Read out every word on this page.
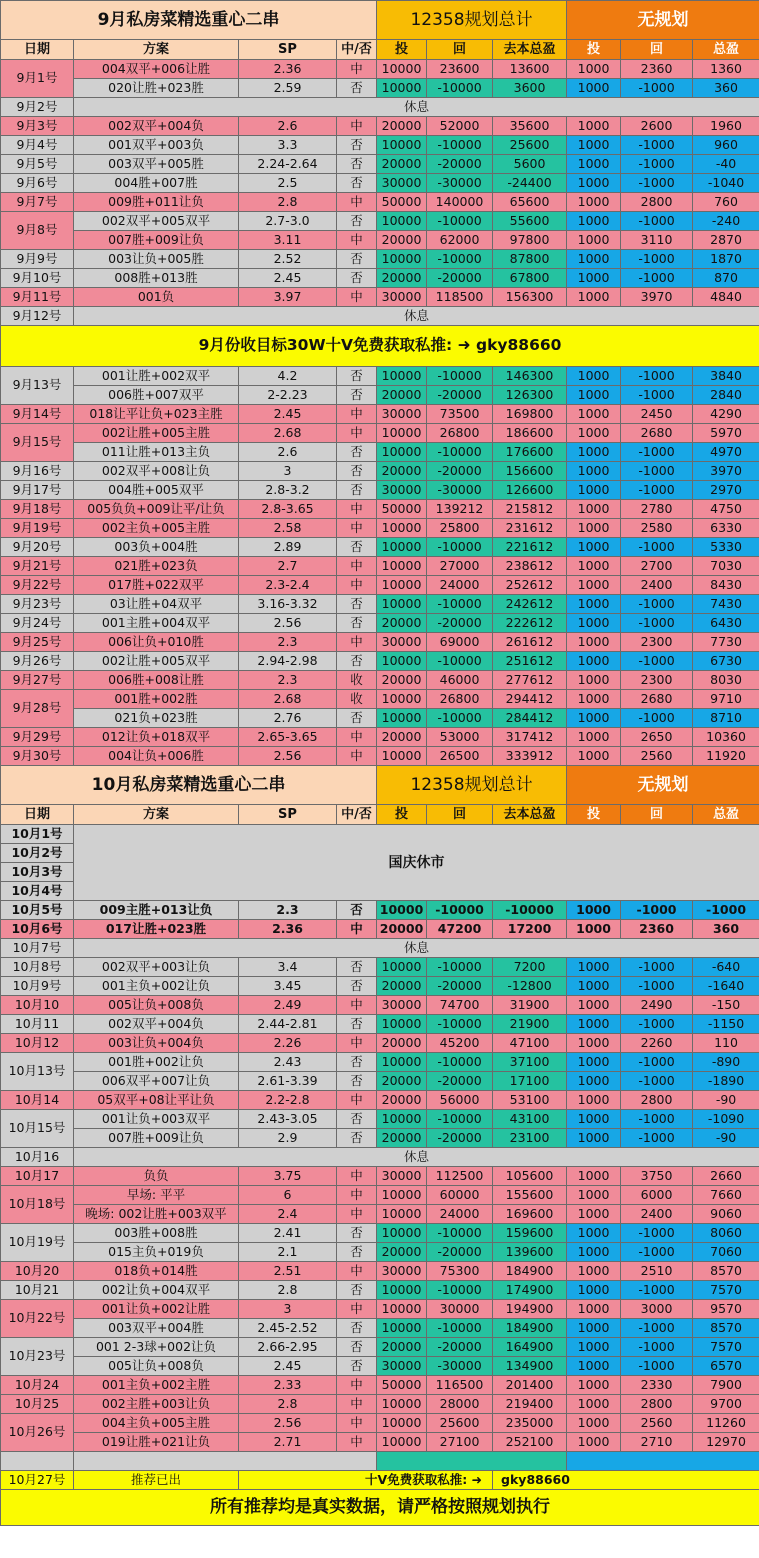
9月私房菜精选重心二串				12358规划总计			无规划		
日期	方案	SP	中/否	投	回	去本总盈	投	回	总盈
9月1号	004双平+006让胜	2.36	中	10000	23600	13600	1000	2360	1360
	020让胜+023胜	2.59	否	10000	-10000	3600	1000	-1000	360
9月2号	休息								
9月3号	002双平+004负	2.6	中	20000	52000	35600	1000	2600	1960
9月4号	001双平+003负	3.3	否	10000	-10000	25600	1000	-1000	960
9月5号	003双平+005胜	2.24-2.64	否	20000	-20000	5600	1000	-1000	-40
9月6号	004胜+007胜	2.5	否	30000	-30000	-24400	1000	-1000	-1040
9月7号	009胜+011让负	2.8	中	50000	140000	65600	1000	2800	760
9月8号	002双平+005双平	2.7-3.0	否	10000	-10000	55600	1000	-1000	-240
	007胜+009让负	3.11	中	20000	62000	97800	1000	3110	2870
9月9号	003让负+005胜	2.52	否	10000	-10000	87800	1000	-1000	1870
9月10号	008胜+013胜	2.45	否	20000	-20000	67800	1000	-1000	870
9月11号	001负	3.97	中	30000	118500	156300	1000	3970	4840
9月12号	休息								
9月份收目标30W十V免费获取私推: ➜ gky88660									
9月13号	001让胜+002双平	4.2	否	10000	-10000	146300	1000	-1000	3840
	006胜+007双平	2-2.23	否	20000	-20000	126300	1000	-1000	2840
9月14号	018让平让负+023主胜	2.45	中	30000	73500	169800	1000	2450	4290
9月15号	002让胜+005主胜	2.68	中	10000	26800	186600	1000	2680	5970
	011让胜+013主负	2.6	否	10000	-10000	176600	1000	-1000	4970
9月16号	002双平+008让负	3	否	20000	-20000	156600	1000	-1000	3970
9月17号	004胜+005双平	2.8-3.2	否	30000	-30000	126600	1000	-1000	2970
9月18号	005负负+009让平/让负	2.8-3.65	中	50000	139212	215812	1000	2780	4750
9月19号	002主负+005主胜	2.58	中	10000	25800	231612	1000	2580	6330
9月20号	003负+004胜	2.89	否	10000	-10000	221612	1000	-1000	5330
9月21号	021胜+023负	2.7	中	10000	27000	238612	1000	2700	7030
9月22号	017胜+022双平	2.3-2.4	中	10000	24000	252612	1000	2400	8430
9月23号	03让胜+04双平	3.16-3.32	否	10000	-10000	242612	1000	-1000	7430
9月24号	001主胜+004双平	2.56	否	20000	-20000	222612	1000	-1000	6430
9月25号	006让负+010胜	2.3	中	30000	69000	261612	1000	2300	7730
9月26号	002让胜+005双平	2.94-2.98	否	10000	-10000	251612	1000	-1000	6730
9月27号	006胜+008让胜	2.3	收	20000	46000	277612	1000	2300	8030
9月28号	001胜+002胜	2.68	收	10000	26800	294412	1000	2680	9710
	021负+023胜	2.76	否	10000	-10000	284412	1000	-1000	8710
9月29号	012让负+018双平	2.65-3.65	中	20000	53000	317412	1000	2650	10360
9月30号	004让负+006胜	2.56	中	10000	26500	333912	1000	2560	11920
10月私房菜精选重心二串				12358规划总计			无规划		
日期	方案	SP	中/否	投	回	去本总盈	投	回	总盈
10月1号	国庆休市								
10月2号									
10月3号									
10月4号									
10月5号	009主胜+013让负	2.3	否	10000	-10000	-10000	1000	-1000	-1000
10月6号	017让胜+023胜	2.36	中	20000	47200	17200	1000	2360	360
10月7号	休息								
10月8号	002双平+003让负	3.4	否	10000	-10000	7200	1000	-1000	-640
10月9号	001主负+002让负	3.45	否	20000	-20000	-12800	1000	-1000	-1640
10月10	005让负+008负	2.49	中	30000	74700	31900	1000	2490	-150
10月11	002双平+004负	2.44-2.81	否	10000	-10000	21900	1000	-1000	-1150
10月12	003让负+004负	2.26	中	20000	45200	47100	1000	2260	110
10月13号	001胜+002让负	2.43	否	10000	-10000	37100	1000	-1000	-890
	006双平+007让负	2.61-3.39	否	20000	-20000	17100	1000	-1000	-1890
10月14	05双平+08让平让负	2.2-2.8	中	20000	56000	53100	1000	2800	-90
10月15号	001让负+003双平	2.43-3.05	否	10000	-10000	43100	1000	-1000	-1090
	007胜+009让负	2.9	否	20000	-20000	23100	1000	-1000	-90
10月16	休息								
10月17	负负	3.75	中	30000	112500	105600	1000	3750	2660
10月18号	早场: 平平	6	中	10000	60000	155600	1000	6000	7660
	晚场: 002让胜+003双平	2.4	中	10000	24000	169600	1000	2400	9060
10月19号	003胜+008胜	2.41	否	10000	-10000	159600	1000	-1000	8060
	015主负+019负	2.1	否	20000	-20000	139600	1000	-1000	7060
10月20	018负+014胜	2.51	中	30000	75300	184900	1000	2510	8570
10月21	002让负+004双平	2.8	否	10000	-10000	174900	1000	-1000	7570
10月22号	001让负+002让胜	3	中	10000	30000	194900	1000	3000	9570
	003双平+004胜	2.45-2.52	否	10000	-10000	184900	1000	-1000	8570
10月23号	001 2-3球+002让负	2.66-2.95	否	20000	-20000	164900	1000	-1000	7570
	005让负+008负	2.45	否	30000	-30000	134900	1000	-1000	6570
10月24	001主负+002主胜	2.33	中	50000	116500	201400	1000	2330	7900
10月25	002主胜+003让负	2.8	中	10000	28000	219400	1000	2800	9700
10月26号	004主负+005主胜	2.56	中	10000	25600	235000	1000	2560	11260
	019让胜+021让负	2.71	中	10000	27100	252100	1000	2710	12970

10月27号	推荐已出	十V免费获取私推: ➜				gky88660			
所有推荐均是真实数据，请严格按照规划执行									
